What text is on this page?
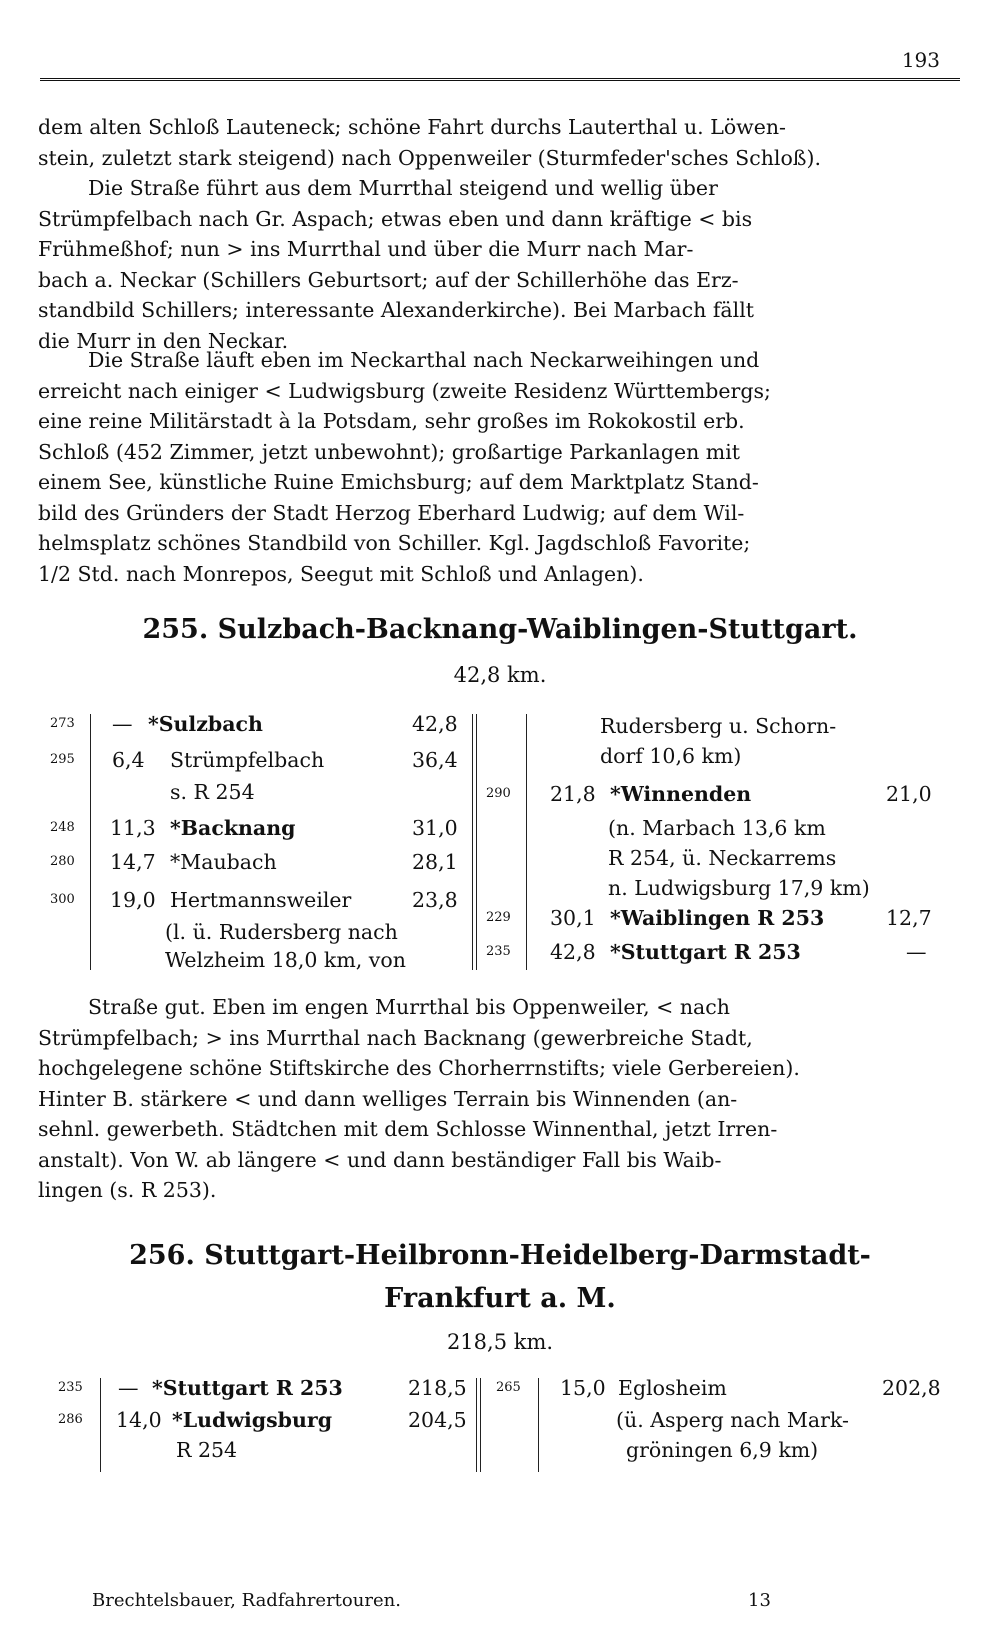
193
dem alten Schloß Lauteneck; schöne Fahrt durchs Lauterthal u. Löwen-
stein, zuletzt stark steigend) nach Oppenweiler (Sturmfeder'sches Schloß).
Die Straße führt aus dem Murrthal steigend und wellig über
Strümpfelbach nach Gr. Aspach; etwas eben und dann kräftige < bis
Frühmeßhof; nun > ins Murrthal und über die Murr nach Mar-
bach a. Neckar (Schillers Geburtsort; auf der Schillerhöhe das Erz-
standbild Schillers; interessante Alexanderkirche). Bei Marbach fällt
die Murr in den Neckar.
Die Straße läuft eben im Neckarthal nach Neckarweihingen und
erreicht nach einiger < Ludwigsburg (zweite Residenz Württembergs;
eine reine Militärstadt à la Potsdam, sehr großes im Rokokostil erb.
Schloß (452 Zimmer, jetzt unbewohnt); großartige Parkanlagen mit
einem See, künstliche Ruine Emichsburg; auf dem Marktplatz Stand-
bild des Gründers der Stadt Herzog Eberhard Ludwig; auf dem Wil-
helmsplatz schönes Standbild von Schiller. Kgl. Jagdschloß Favorite;
1/2 Std. nach Monrepos, Seegut mit Schloß und Anlagen).
255. Sulzbach-Backnang-Waiblingen-Stuttgart.
42,8 km.
273 — *Sulzbach	42,8
295 6,4 Strümpfelbach	36,4
s. R 254
248 11,3 *Backnang	31,0
280 14,7 *Maubach	28,1
300 19,0 Hertmannsweiler	23,8
(l. ü. Rudersberg nach
Welzheim 18,0 km, von
Rudersberg u. Schorn-
dorf 10,6 km)
290 21,8 *Winnenden	21,0
(n. Marbach 13,6 km
R 254, ü. Neckarrems
n. Ludwigsburg 17,9 km)
229 30,1 *Waiblingen R 253	12,7
235 42,8 *Stuttgart R 253	—
Straße gut. Eben im engen Murrthal bis Oppenweiler, < nach
Strümpfelbach; > ins Murrthal nach Backnang (gewerbreiche Stadt,
hochgelegene schöne Stiftskirche des Chorherrnstifts; viele Gerbereien).
Hinter B. stärkere < und dann welliges Terrain bis Winnenden (an-
sehnl. gewerbeth. Städtchen mit dem Schlosse Winnenthal, jetzt Irren-
anstalt). Von W. ab längere < und dann beständiger Fall bis Waib-
lingen (s. R 253).
256. Stuttgart-Heilbronn-Heidelberg-Darmstadt-
Frankfurt a. M.
218,5 km.
235 — *Stuttgart R 253	218,5
286 14,0 *Ludwigsburg	204,5
R 254
265 15,0 Eglosheim	202,8
(ü. Asperg nach Mark-
gröningen 6,9 km)
Brechtelsbauer, Radfahrertouren.	13
